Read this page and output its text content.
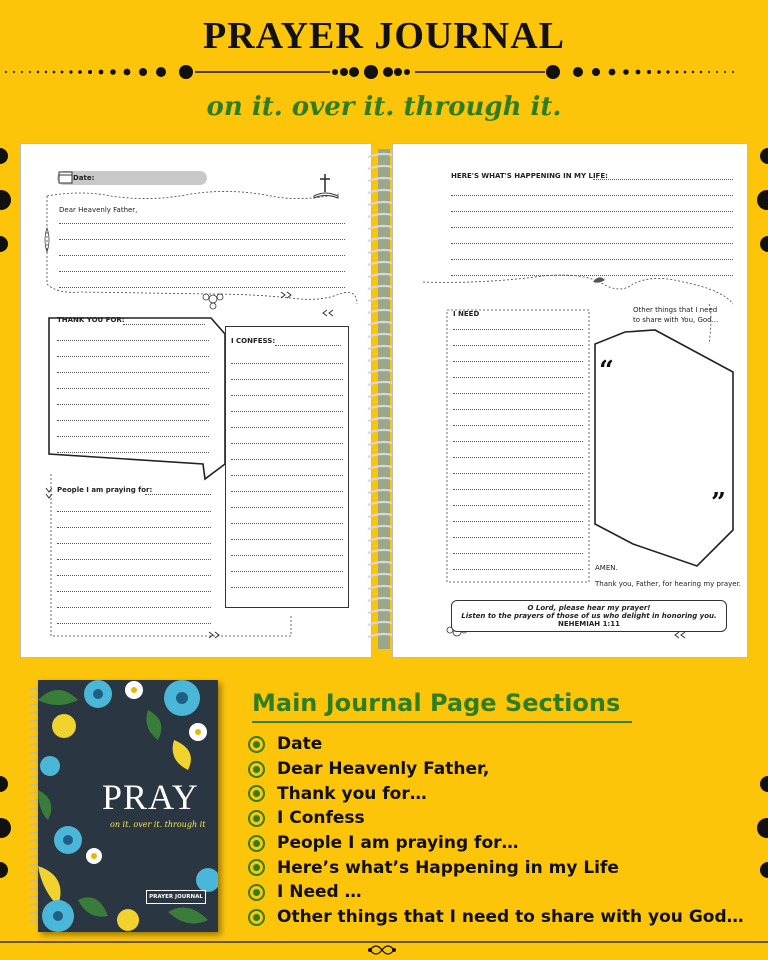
PRAYER JOURNAL
on it. over it. through it.
Date:
Dear Heavenly Father,
THANK YOU FOR:
I CONFESS:
People I am praying for:
HERE'S WHAT'S HAPPENING IN MY LIFE:
I NEED	Other things that I need
to share with You, God...
“
”
AMEN.
Thank you, Father, for hearing my prayer.
O Lord, please hear my prayer!
Listen to the prayers of those of us who delight in honoring you.
NEHEMIAH 1:11
PRAY
on it. over it. through it
PRAYER JOURNAL
Main Journal Page Sections
Date
Dear Heavenly Father,
Thank you for…
I Confess
People I am praying for…
Here’s what’s Happening in my Life
I Need …
Other things that I need to share with you God…
